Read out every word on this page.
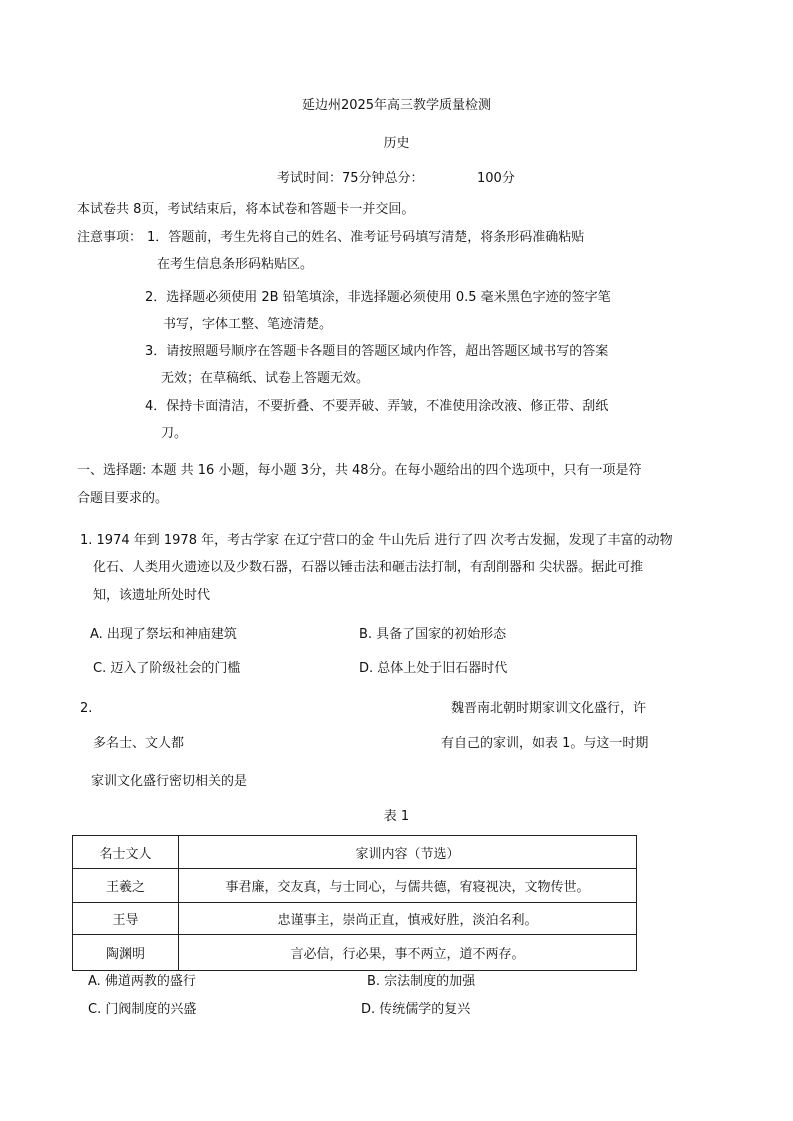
延边州2025年高三教学质量检测
历史
考试时间：75分钟总分：	100分
本试卷共 8页，考试结束后，将本试卷和答题卡一并交回。
注意事项： 1．答题前，考生先将自己的姓名、准考证号码填写清楚，将条形码准确粘贴
在考生信息条形码粘贴区。
2．选择题必须使用 2B 铅笔填涂，非选择题必须使用 0.5 毫米黑色字迹的签字笔
书写，字体工整、笔迹清楚。
3．请按照题号顺序在答题卡各题目的答题区域内作答，超出答题区域书写的答案
无效；在草稿纸、试卷上答题无效。
4．保持卡面清洁，不要折叠、不要弄破、弄皱，不准使用涂改液、修正带、刮纸
刀。
一、选择题: 本题 共 16 小题，每小题 3分，共 48分。在每小题给出的四个选项中，只有一项是符
合题目要求的。
1. 1974 年到 1978 年，考古学家 在辽宁营口的金 牛山先后 进行了四 次考古发掘，发现了丰富的动物
化石、人类用火遗迹以及少数石器，石器以锤击法和砸击法打制，有刮削器和 尖状器。据此可推
知，该遗址所处时代
A. 出现了祭坛和神庙建筑	B. 具备了国家的初始形态
C. 迈入了阶级社会的门槛	D. 总体上处于旧石器时代
2.	魏晋南北朝时期家训文化盛行，许
多名士、文人都	有自己的家训，如表 1。与这一时期
家训文化盛行密切相关的是
表 1
名士文人	家训内容（节选）
王羲之	事君廉，交友真，与士同心，与儒共德，宥寝视决，文物传世。
王导	忠谨事主，崇尚正直，慎戒好胜，淡泊名利。
陶渊明	言必信，行必果，事不两立，道不两存。
A. 佛道两教的盛行	B. 宗法制度的加强
C. 门阀制度的兴盛	D. 传统儒学的复兴
